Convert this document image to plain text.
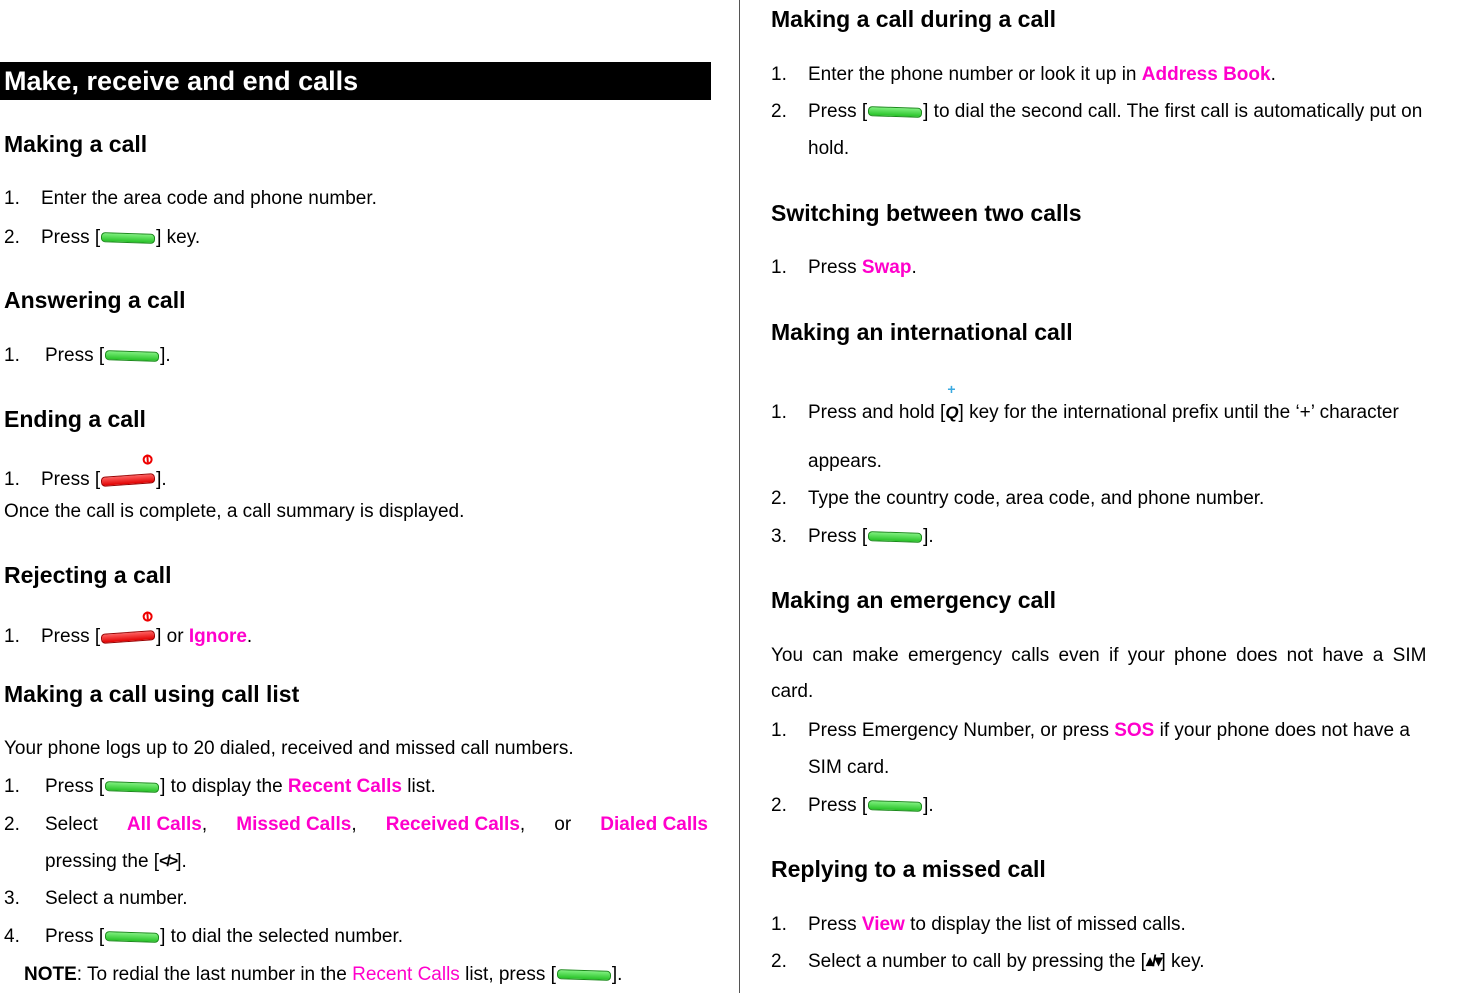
Make, receive and end calls
Making a call
1. Enter the area code and phone number.
2. Press [	] key.
Answering a call
1. Press [	].
Ending a call
1. Press [	].
Once the call is complete, a call summary is displayed.
Rejecting a call
1. Press [	] or Ignore.
Making a call using call list
Your phone logs up to 20 dialed, received and missed call numbers.
1. Press [	] to display the Recent Calls list.
2. Select All Calls, Missed Calls, Received Calls, or Dialed Calls
pressing the [</>].
3. Select a number.
4. Press [	] to dial the selected number.
NOTE: To redial the last number in the Recent Calls list, press [	].
Making a call during a call
1. Enter the phone number or look it up in Address Book.
2. Press [	] to dial the second call. The first call is automatically put on
hold.
Switching between two calls
1. Press Swap.
Making an international call
1. Press and hold [
+
Q] key for the international prefix until the ‘+’ character
appears.
2. Type the country code, area code, and phone number.
3. Press [	].
Making an emergency call
You can make emergency calls even if your phone does not have a SIM
card.
1. Press Emergency Number, or press SOS if your phone does not have a
SIM card.
2. Press [	].
Replying to a missed call
1. Press View to display the list of missed calls.
2. Select a number to call by pressing the [▴/▾] key.
